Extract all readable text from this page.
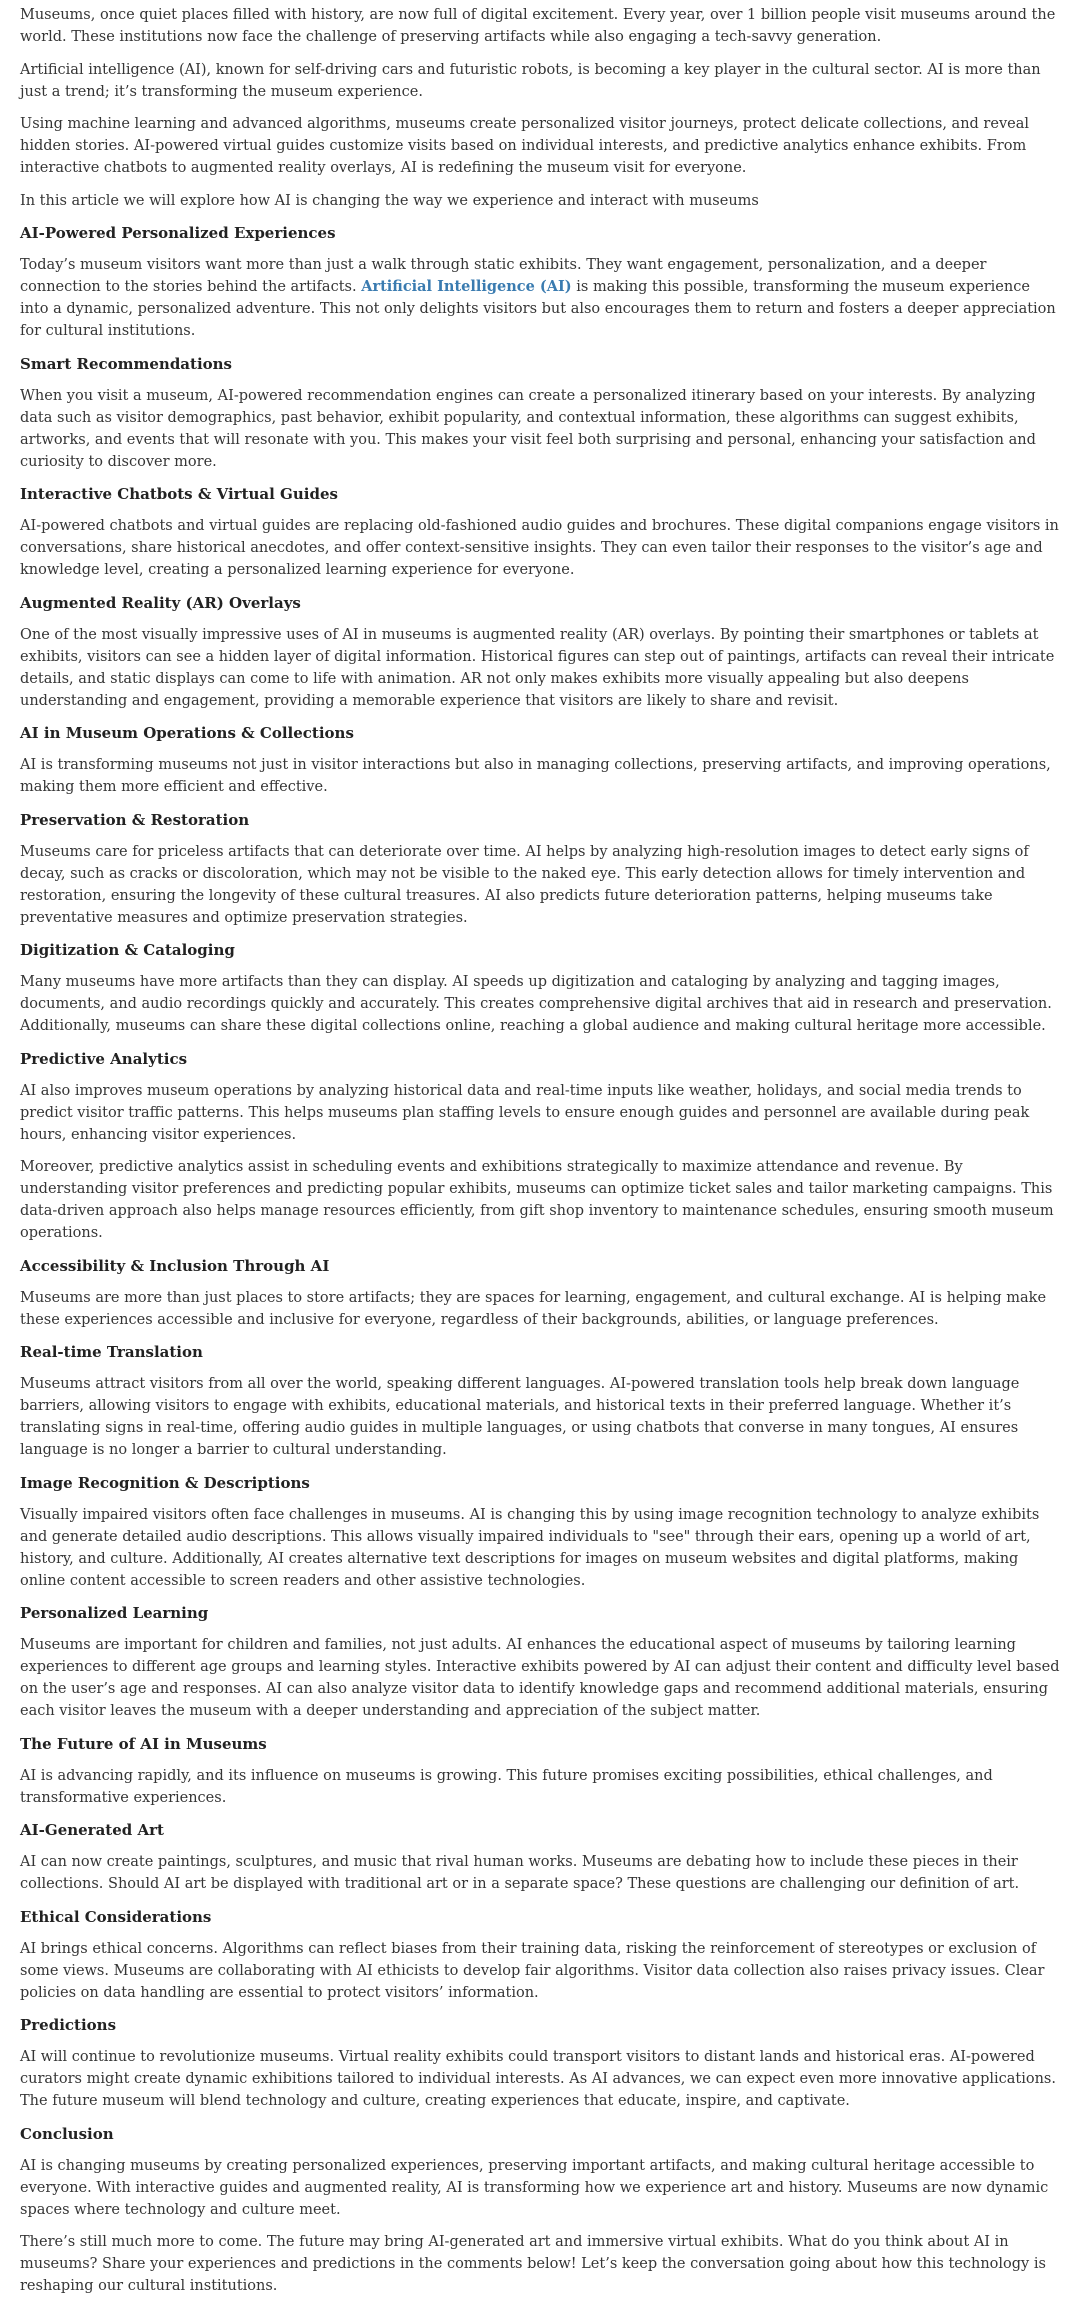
Museums, once quiet places filled with history, are now full of digital excitement. Every year, over 1 billion people visit museums around the world. These institutions now face the challenge of preserving artifacts while also engaging a tech-savvy generation.

Artificial intelligence (AI), known for self-driving cars and futuristic robots, is becoming a key player in the cultural sector. AI is more than just a trend; it’s transforming the museum experience.

Using machine learning and advanced algorithms, museums create personalized visitor journeys, protect delicate collections, and reveal hidden stories. AI-powered virtual guides customize visits based on individual interests, and predictive analytics enhance exhibits. From interactive chatbots to augmented reality overlays, AI is redefining the museum visit for everyone.

In this article we will explore how AI is changing the way we experience and interact with museums

AI-Powered Personalized Experiences

Today’s museum visitors want more than just a walk through static exhibits. They want engagement, personalization, and a deeper connection to the stories behind the artifacts. Artificial Intelligence (AI) is making this possible, transforming the museum experience into a dynamic, personalized adventure. This not only delights visitors but also encourages them to return and fosters a deeper appreciation for cultural institutions.

Smart Recommendations

When you visit a museum, AI-powered recommendation engines can create a personalized itinerary based on your interests. By analyzing data such as visitor demographics, past behavior, exhibit popularity, and contextual information, these algorithms can suggest exhibits, artworks, and events that will resonate with you. This makes your visit feel both surprising and personal, enhancing your satisfaction and curiosity to discover more.

Interactive Chatbots & Virtual Guides

AI-powered chatbots and virtual guides are replacing old-fashioned audio guides and brochures. These digital companions engage visitors in conversations, share historical anecdotes, and offer context-sensitive insights. They can even tailor their responses to the visitor’s age and knowledge level, creating a personalized learning experience for everyone.

Augmented Reality (AR) Overlays

One of the most visually impressive uses of AI in museums is augmented reality (AR) overlays. By pointing their smartphones or tablets at exhibits, visitors can see a hidden layer of digital information. Historical figures can step out of paintings, artifacts can reveal their intricate details, and static displays can come to life with animation. AR not only makes exhibits more visually appealing but also deepens understanding and engagement, providing a memorable experience that visitors are likely to share and revisit.

AI in Museum Operations & Collections

AI is transforming museums not just in visitor interactions but also in managing collections, preserving artifacts, and improving operations, making them more efficient and effective.

Preservation & Restoration

Museums care for priceless artifacts that can deteriorate over time. AI helps by analyzing high-resolution images to detect early signs of decay, such as cracks or discoloration, which may not be visible to the naked eye. This early detection allows for timely intervention and restoration, ensuring the longevity of these cultural treasures. AI also predicts future deterioration patterns, helping museums take preventative measures and optimize preservation strategies.

Digitization & Cataloging

Many museums have more artifacts than they can display. AI speeds up digitization and cataloging by analyzing and tagging images, documents, and audio recordings quickly and accurately. This creates comprehensive digital archives that aid in research and preservation. Additionally, museums can share these digital collections online, reaching a global audience and making cultural heritage more accessible.

Predictive Analytics

AI also improves museum operations by analyzing historical data and real-time inputs like weather, holidays, and social media trends to predict visitor traffic patterns. This helps museums plan staffing levels to ensure enough guides and personnel are available during peak hours, enhancing visitor experiences.

Moreover, predictive analytics assist in scheduling events and exhibitions strategically to maximize attendance and revenue. By understanding visitor preferences and predicting popular exhibits, museums can optimize ticket sales and tailor marketing campaigns. This data-driven approach also helps manage resources efficiently, from gift shop inventory to maintenance schedules, ensuring smooth museum operations.

Accessibility & Inclusion Through AI

Museums are more than just places to store artifacts; they are spaces for learning, engagement, and cultural exchange. AI is helping make these experiences accessible and inclusive for everyone, regardless of their backgrounds, abilities, or language preferences.

Real-time Translation

Museums attract visitors from all over the world, speaking different languages. AI-powered translation tools help break down language barriers, allowing visitors to engage with exhibits, educational materials, and historical texts in their preferred language. Whether it’s translating signs in real-time, offering audio guides in multiple languages, or using chatbots that converse in many tongues, AI ensures language is no longer a barrier to cultural understanding.

Image Recognition & Descriptions

Visually impaired visitors often face challenges in museums. AI is changing this by using image recognition technology to analyze exhibits and generate detailed audio descriptions. This allows visually impaired individuals to "see" through their ears, opening up a world of art, history, and culture. Additionally, AI creates alternative text descriptions for images on museum websites and digital platforms, making online content accessible to screen readers and other assistive technologies.

Personalized Learning

Museums are important for children and families, not just adults. AI enhances the educational aspect of museums by tailoring learning experiences to different age groups and learning styles. Interactive exhibits powered by AI can adjust their content and difficulty level based on the user’s age and responses. AI can also analyze visitor data to identify knowledge gaps and recommend additional materials, ensuring each visitor leaves the museum with a deeper understanding and appreciation of the subject matter.

The Future of AI in Museums

AI is advancing rapidly, and its influence on museums is growing. This future promises exciting possibilities, ethical challenges, and transformative experiences.

AI-Generated Art

AI can now create paintings, sculptures, and music that rival human works. Museums are debating how to include these pieces in their collections. Should AI art be displayed with traditional art or in a separate space? These questions are challenging our definition of art.

Ethical Considerations

AI brings ethical concerns. Algorithms can reflect biases from their training data, risking the reinforcement of stereotypes or exclusion of some views. Museums are collaborating with AI ethicists to develop fair algorithms. Visitor data collection also raises privacy issues. Clear policies on data handling are essential to protect visitors’ information.

Predictions

AI will continue to revolutionize museums. Virtual reality exhibits could transport visitors to distant lands and historical eras. AI-powered curators might create dynamic exhibitions tailored to individual interests. As AI advances, we can expect even more innovative applications. The future museum will blend technology and culture, creating experiences that educate, inspire, and captivate.

Conclusion

AI is changing museums by creating personalized experiences, preserving important artifacts, and making cultural heritage accessible to everyone. With interactive guides and augmented reality, AI is transforming how we experience art and history. Museums are now dynamic spaces where technology and culture meet.

There’s still much more to come. The future may bring AI-generated art and immersive virtual exhibits. What do you think about AI in museums? Share your experiences and predictions in the comments below! Let’s keep the conversation going about how this technology is reshaping our cultural institutions.
